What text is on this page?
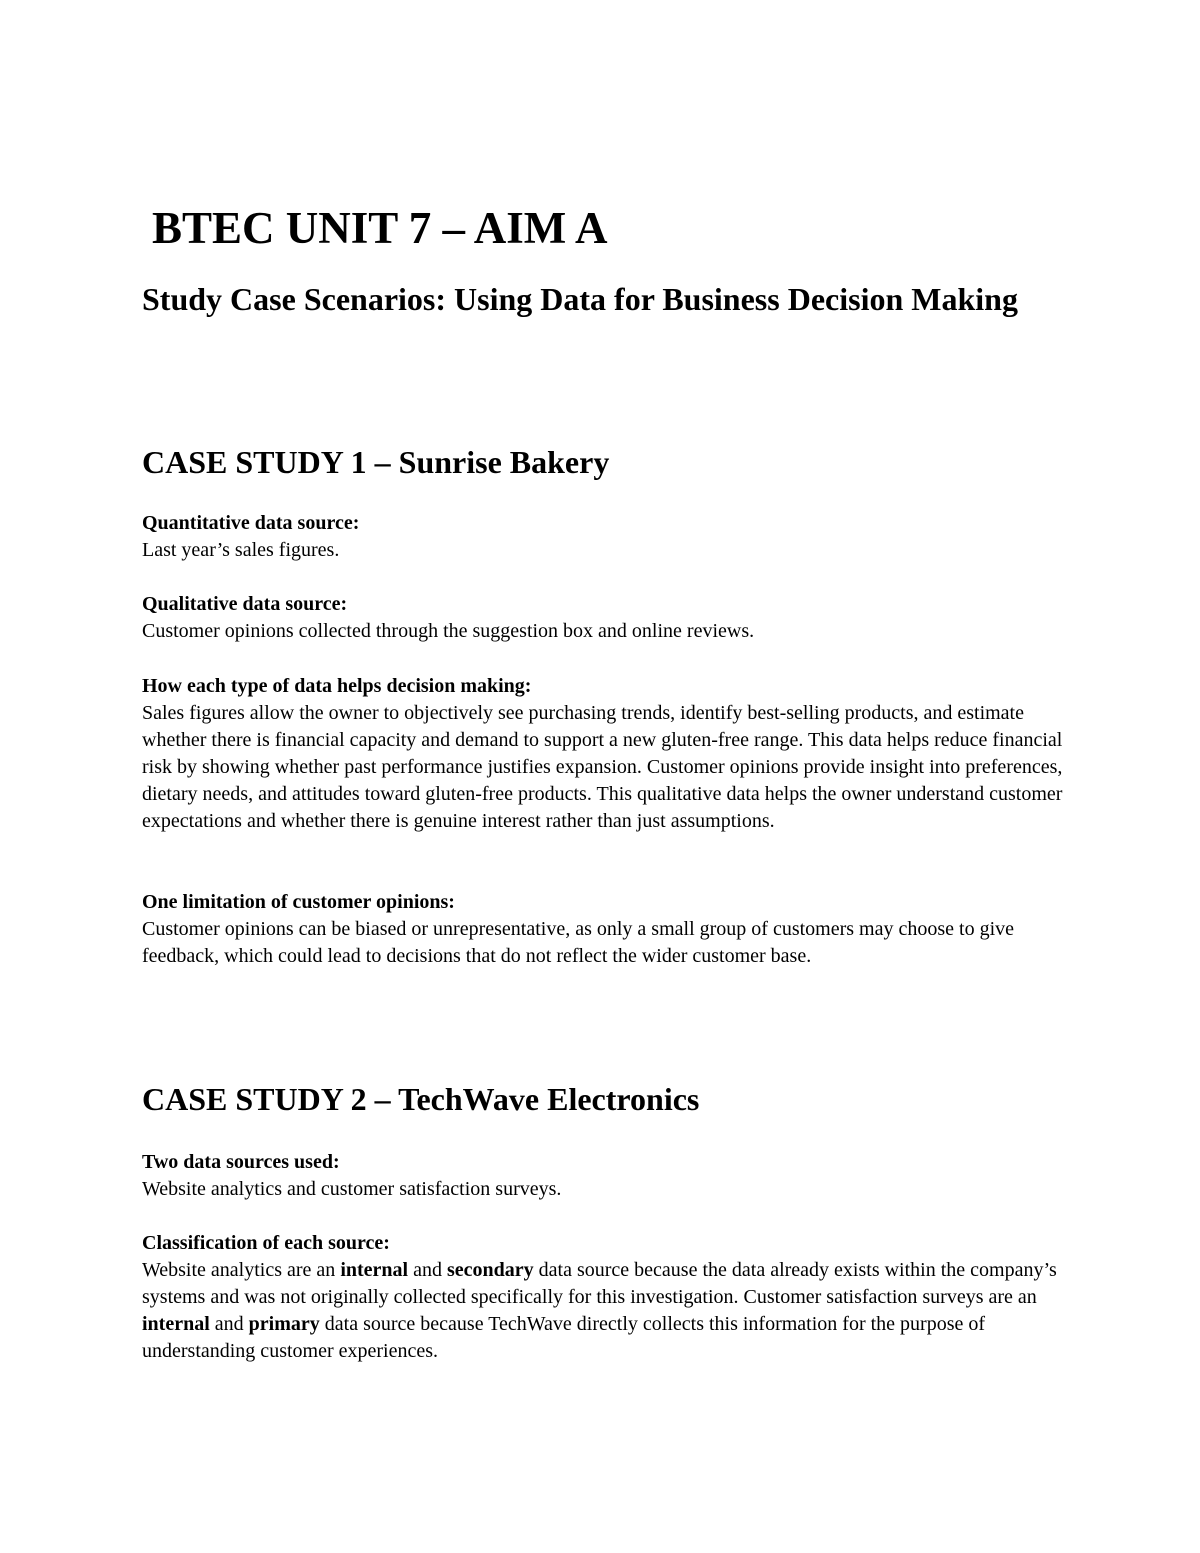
BTEC UNIT 7 – AIM A
Study Case Scenarios: Using Data for Business Decision Making
CASE STUDY 1 – Sunrise Bakery
Quantitative data source:
Last year’s sales figures.
Qualitative data source:
Customer opinions collected through the suggestion box and online reviews.
How each type of data helps decision making:
Sales figures allow the owner to objectively see purchasing trends, identify best-selling products, and estimate whether there is financial capacity and demand to support a new gluten-free range. This data helps reduce financial risk by showing whether past performance justifies expansion. Customer opinions provide insight into preferences, dietary needs, and attitudes toward gluten-free products. This qualitative data helps the owner understand customer expectations and whether there is genuine interest rather than just assumptions.
One limitation of customer opinions:
Customer opinions can be biased or unrepresentative, as only a small group of customers may choose to give feedback, which could lead to decisions that do not reflect the wider customer base.
CASE STUDY 2 – TechWave Electronics
Two data sources used:
Website analytics and customer satisfaction surveys.
Classification of each source:
Website analytics are an internal and secondary data source because the data already exists within the company’s systems and was not originally collected specifically for this investigation. Customer satisfaction surveys are an internal and primary data source because TechWave directly collects this information for the purpose of understanding customer experiences.
